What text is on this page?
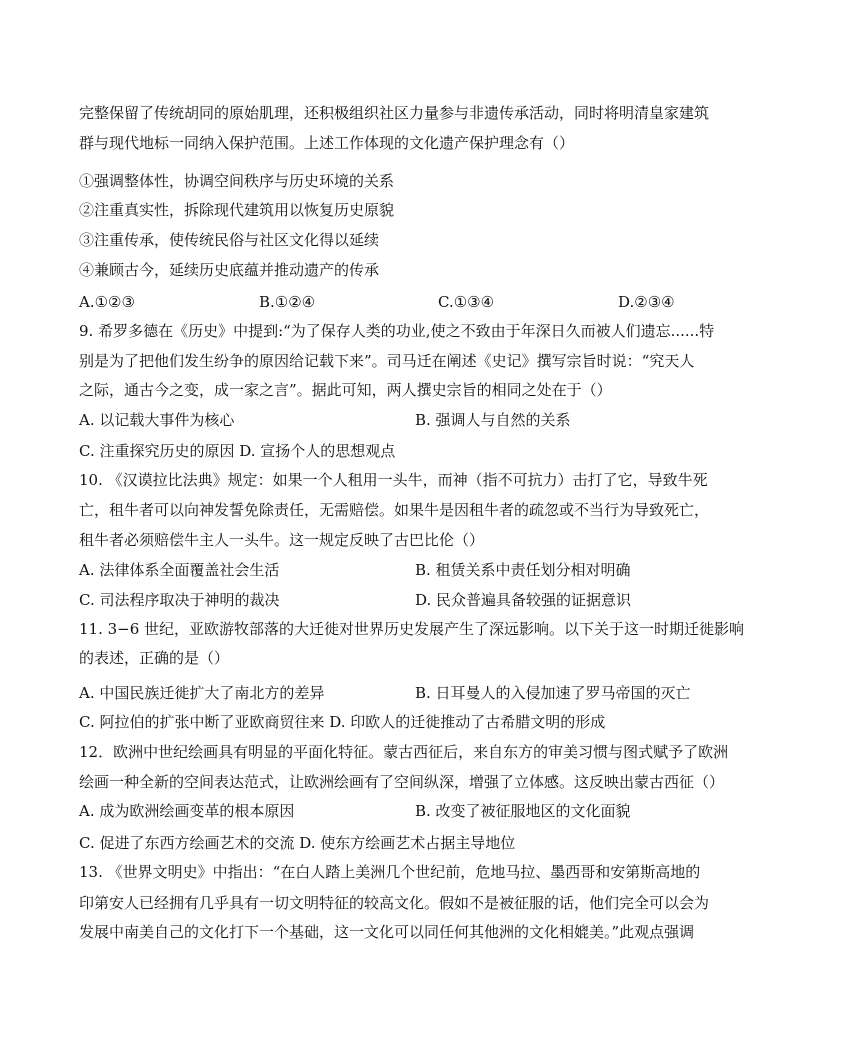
完整保留了传统胡同的原始肌理，还积极组织社区力量参与非遗传承活动，同时将明清皇家建筑
群与现代地标一同纳入保护范围。上述工作体现的文化遗产保护理念有（）
①强调整体性，协调空间秩序与历史环境的关系
②注重真实性，拆除现代建筑用以恢复历史原貌
③注重传承，使传统民俗与社区文化得以延续
④兼顾古今，延续历史底蕴并推动遗产的传承
A.①②③	B.①②④	C.①③④	D.②③④
9. 希罗多德在《历史》中提到:“为了保存人类的功业,使之不致由于年深日久而被人们遗忘......特
别是为了把他们发生纷争的原因给记载下来”。司马迁在阐述《史记》撰写宗旨时说：“究天人
之际，通古今之变，成一家之言”。据此可知，两人撰史宗旨的相同之处在于（）
A. 以记载大事件为核心	B. 强调人与自然的关系
C. 注重探究历史的原因 D. 宣扬个人的思想观点
10. 《汉谟拉比法典》规定：如果一个人租用一头牛，而神（指不可抗力）击打了它，导致牛死
亡，租牛者可以向神发誓免除责任，无需赔偿。如果牛是因租牛者的疏忽或不当行为导致死亡，
租牛者必须赔偿牛主人一头牛。这一规定反映了古巴比伦（）
A. 法律体系全面覆盖社会生活	B. 租赁关系中责任划分相对明确
C. 司法程序取决于神明的裁决	D. 民众普遍具备较强的证据意识
11. 3−6 世纪，亚欧游牧部落的大迁徙对世界历史发展产生了深远影响。以下关于这一时期迁徙影响
的表述，正确的是（）
A. 中国民族迁徙扩大了南北方的差异	B. 日耳曼人的入侵加速了罗马帝国的灭亡
C. 阿拉伯的扩张中断了亚欧商贸往来 D. 印欧人的迁徙推动了古希腊文明的形成
12．欧洲中世纪绘画具有明显的平面化特征。蒙古西征后，来自东方的审美习惯与图式赋予了欧洲
绘画一种全新的空间表达范式，让欧洲绘画有了空间纵深，增强了立体感。这反映出蒙古西征（）
A. 成为欧洲绘画变革的根本原因	B. 改变了被征服地区的文化面貌
C. 促进了东西方绘画艺术的交流 D. 使东方绘画艺术占据主导地位
13. 《世界文明史》中指出：“在白人踏上美洲几个世纪前，危地马拉、墨西哥和安第斯高地的
印第安人已经拥有几乎具有一切文明特征的较高文化。假如不是被征服的话，他们完全可以会为
发展中南美自己的文化打下一个基础，这一文化可以同任何其他洲的文化相媲美。”此观点强调
